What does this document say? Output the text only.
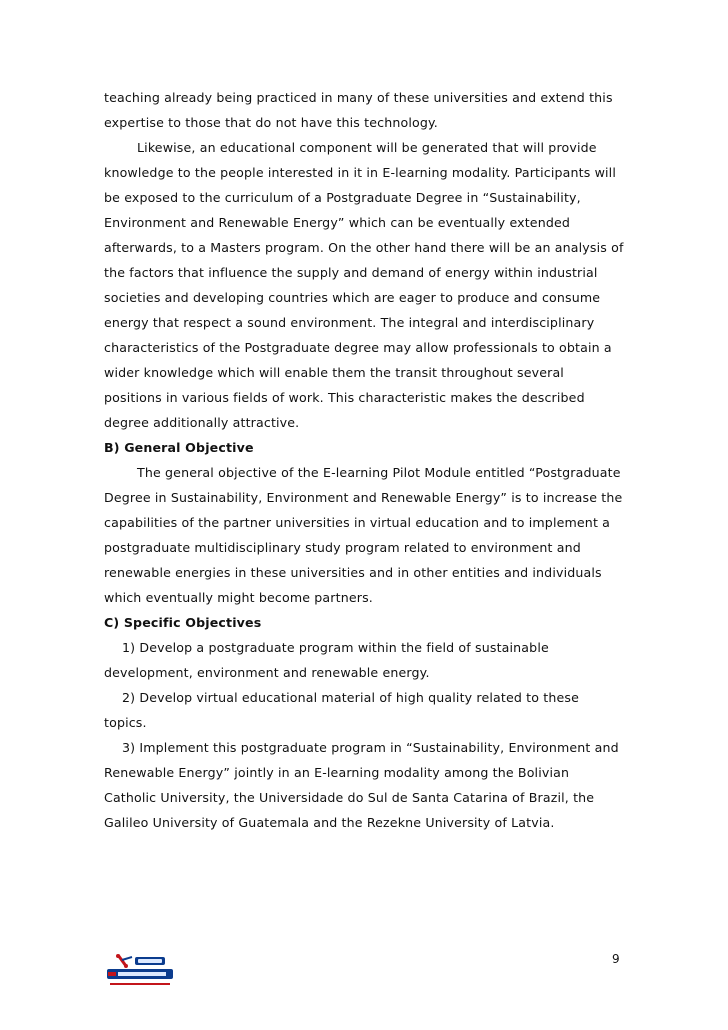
teaching already being practiced in many of these universities and extend this expertise to those that do not have this technology.

Likewise, an educational component will be generated that will provide knowledge to the people interested in it in E-learning modality. Participants will be exposed to the curriculum of a Postgraduate Degree in “Sustainability, Environment and Renewable Energy” which can be eventually extended afterwards, to a Masters program. On the other hand there will be an analysis of the factors that influence the supply and demand of energy within industrial societies and developing countries which are eager to produce and consume energy that respect a sound environment. The integral and interdisciplinary characteristics of the Postgraduate degree may allow professionals to obtain a wider knowledge which will enable them the transit throughout several positions in various fields of work. This characteristic makes the described degree additionally attractive.

B) General Objective

The general objective of the E-learning Pilot Module entitled “Postgraduate Degree in Sustainability, Environment and Renewable Energy” is to increase the capabilities of the partner universities in virtual education and to implement a postgraduate multidisciplinary study program related to environment and renewable energies in these universities and in other entities and individuals which eventually might become partners.

C) Specific Objectives

1) Develop a postgraduate program within the field of sustainable development, environment and renewable energy.

2) Develop virtual educational material of high quality related to these topics.

3) Implement this postgraduate program in “Sustainability, Environment and Renewable Energy” jointly in an E-learning modality among the Bolivian Catholic University, the Universidade do Sul de Santa Catarina of Brazil, the Galileo University of Guatemala and the Rezekne University of Latvia.

9
